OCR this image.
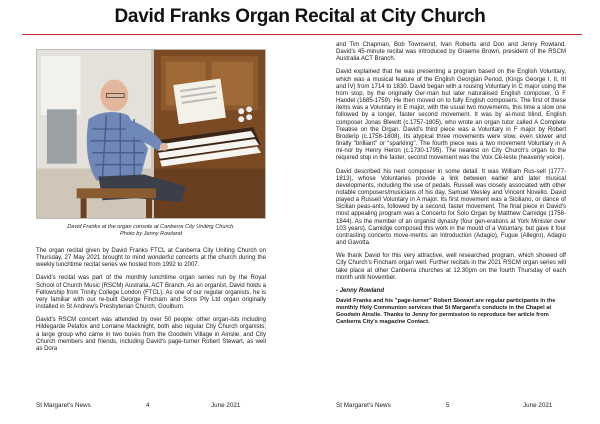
David Franks Organ Recital at City Church
David Franks at the organ console at Canberra City Uniting Church.
Photo by Jenny Rowland

The organ recital given by David Franks FTCL at Canberra City Uniting Church on Thursday, 27 May 2021 brought to mind wonderful concerts at the church during the weekly lunchtime recital series we hosted from 1992 to 2007.

David's recital was part of the monthly lunchtime organ series run by the Royal School of Church Music (RSCM) Australia, ACT Branch. As an organist, David holds a Fellowship from Trinity College London (FTCL). As one of our regular organists, he is very familiar with our re-built George Fincham and Sons Pty Ltd organ originally installed in St Andrew's Presbyterian Church, Goulburn.

David's RSCM concert was attended by over 50 people: other organ-ists including Hildegarde Pelafox and Lorraine Macknight, both also regular City Church organists; a large group who came in two buses from the Goodwin Village in Ainslie; and City Church members and friends, including David's page-turner Robert Stewart, as well as Dora

and Tim Chapman, Bob Townsend, Ivan Roberts and Don and Jenny Rowland. David's 45-minute recital was introduced by Graeme Brown, president of the RSCM Australia ACT Branch.

David explained that he was presenting a program based on the English Voluntary, which was a musical feature of the English Georgian Period, (Kings George I, II, III and IV) from 1714 to 1830. David began with a rousing Voluntary in C major using the horn stop, by the originally Ger-man but later naturalised English composer, G F Handel (1685-1759). He then moved on to fully English composers. The first of these items was a Voluntary in E major, with the usual two movements, this time a slow one followed by a longer, faster second movement. It was by al-most blind, English composer Jonas Blewitt (c.1757-1805), who wrote an organ tutor called A Complete Treatise on the Organ. David's third piece was a Voluntary in F major by Robert Broderip (c.1758-1808). Its atypical three movements were slow, even slower and finally "brilliant" or "sparkling". The fourth piece was a two movement Voluntary in A mi-nor by Henry Heron (c.1730-1795). The nearest on City Church's organ to the required stop in the faster, second movement was the Voix Cé-leste (heavenly voice).

David described his next composer in some detail. It was William Rus-sell (1777-1813), whose Voluntaries provide a link between earlier and later musical developments, including the use of pedals. Russell was closely associated with other notable composers/musicians of his day, Samuel Wesley and Vincent Novello. David played a Russell Voluntary in A major. Its first movement was a Siciliano, or dance of Sicilian peas-ants, followed by a second, faster movement. The final piece in David's most appealing program was a Concerto for Solo Organ by Matthew Camidge (1758-1844). As the member of an organist dynasty (four gen-erations at York Minister over 103 years), Camidge composed this work in the mould of a Voluntary, but gave it four contrasting concerto move-ments: an Introduction (Adagio), Fugue (Allegro), Adagio and Gavotta.

We thank David for this very attractive, well researched program, which showed off City Church's Fincham organ well. Further recitals in the 2021 RSCM organ series will take place at other Canberra churches at 12.30pm on the fourth Thursday of each month until November.

- Jenny Rowland

David Franks and his "page-turner" Robert Stewart are regular participants in the monthly Holy Communion services that St Margaret's conducts in the Chapel at Goodwin Ainslie. Thanks to Jenny for permission to reproduce her article from Canberra City's magazine Contact.

St Margaret's News	4	June 2021	St Margaret's News	5	June 2021
